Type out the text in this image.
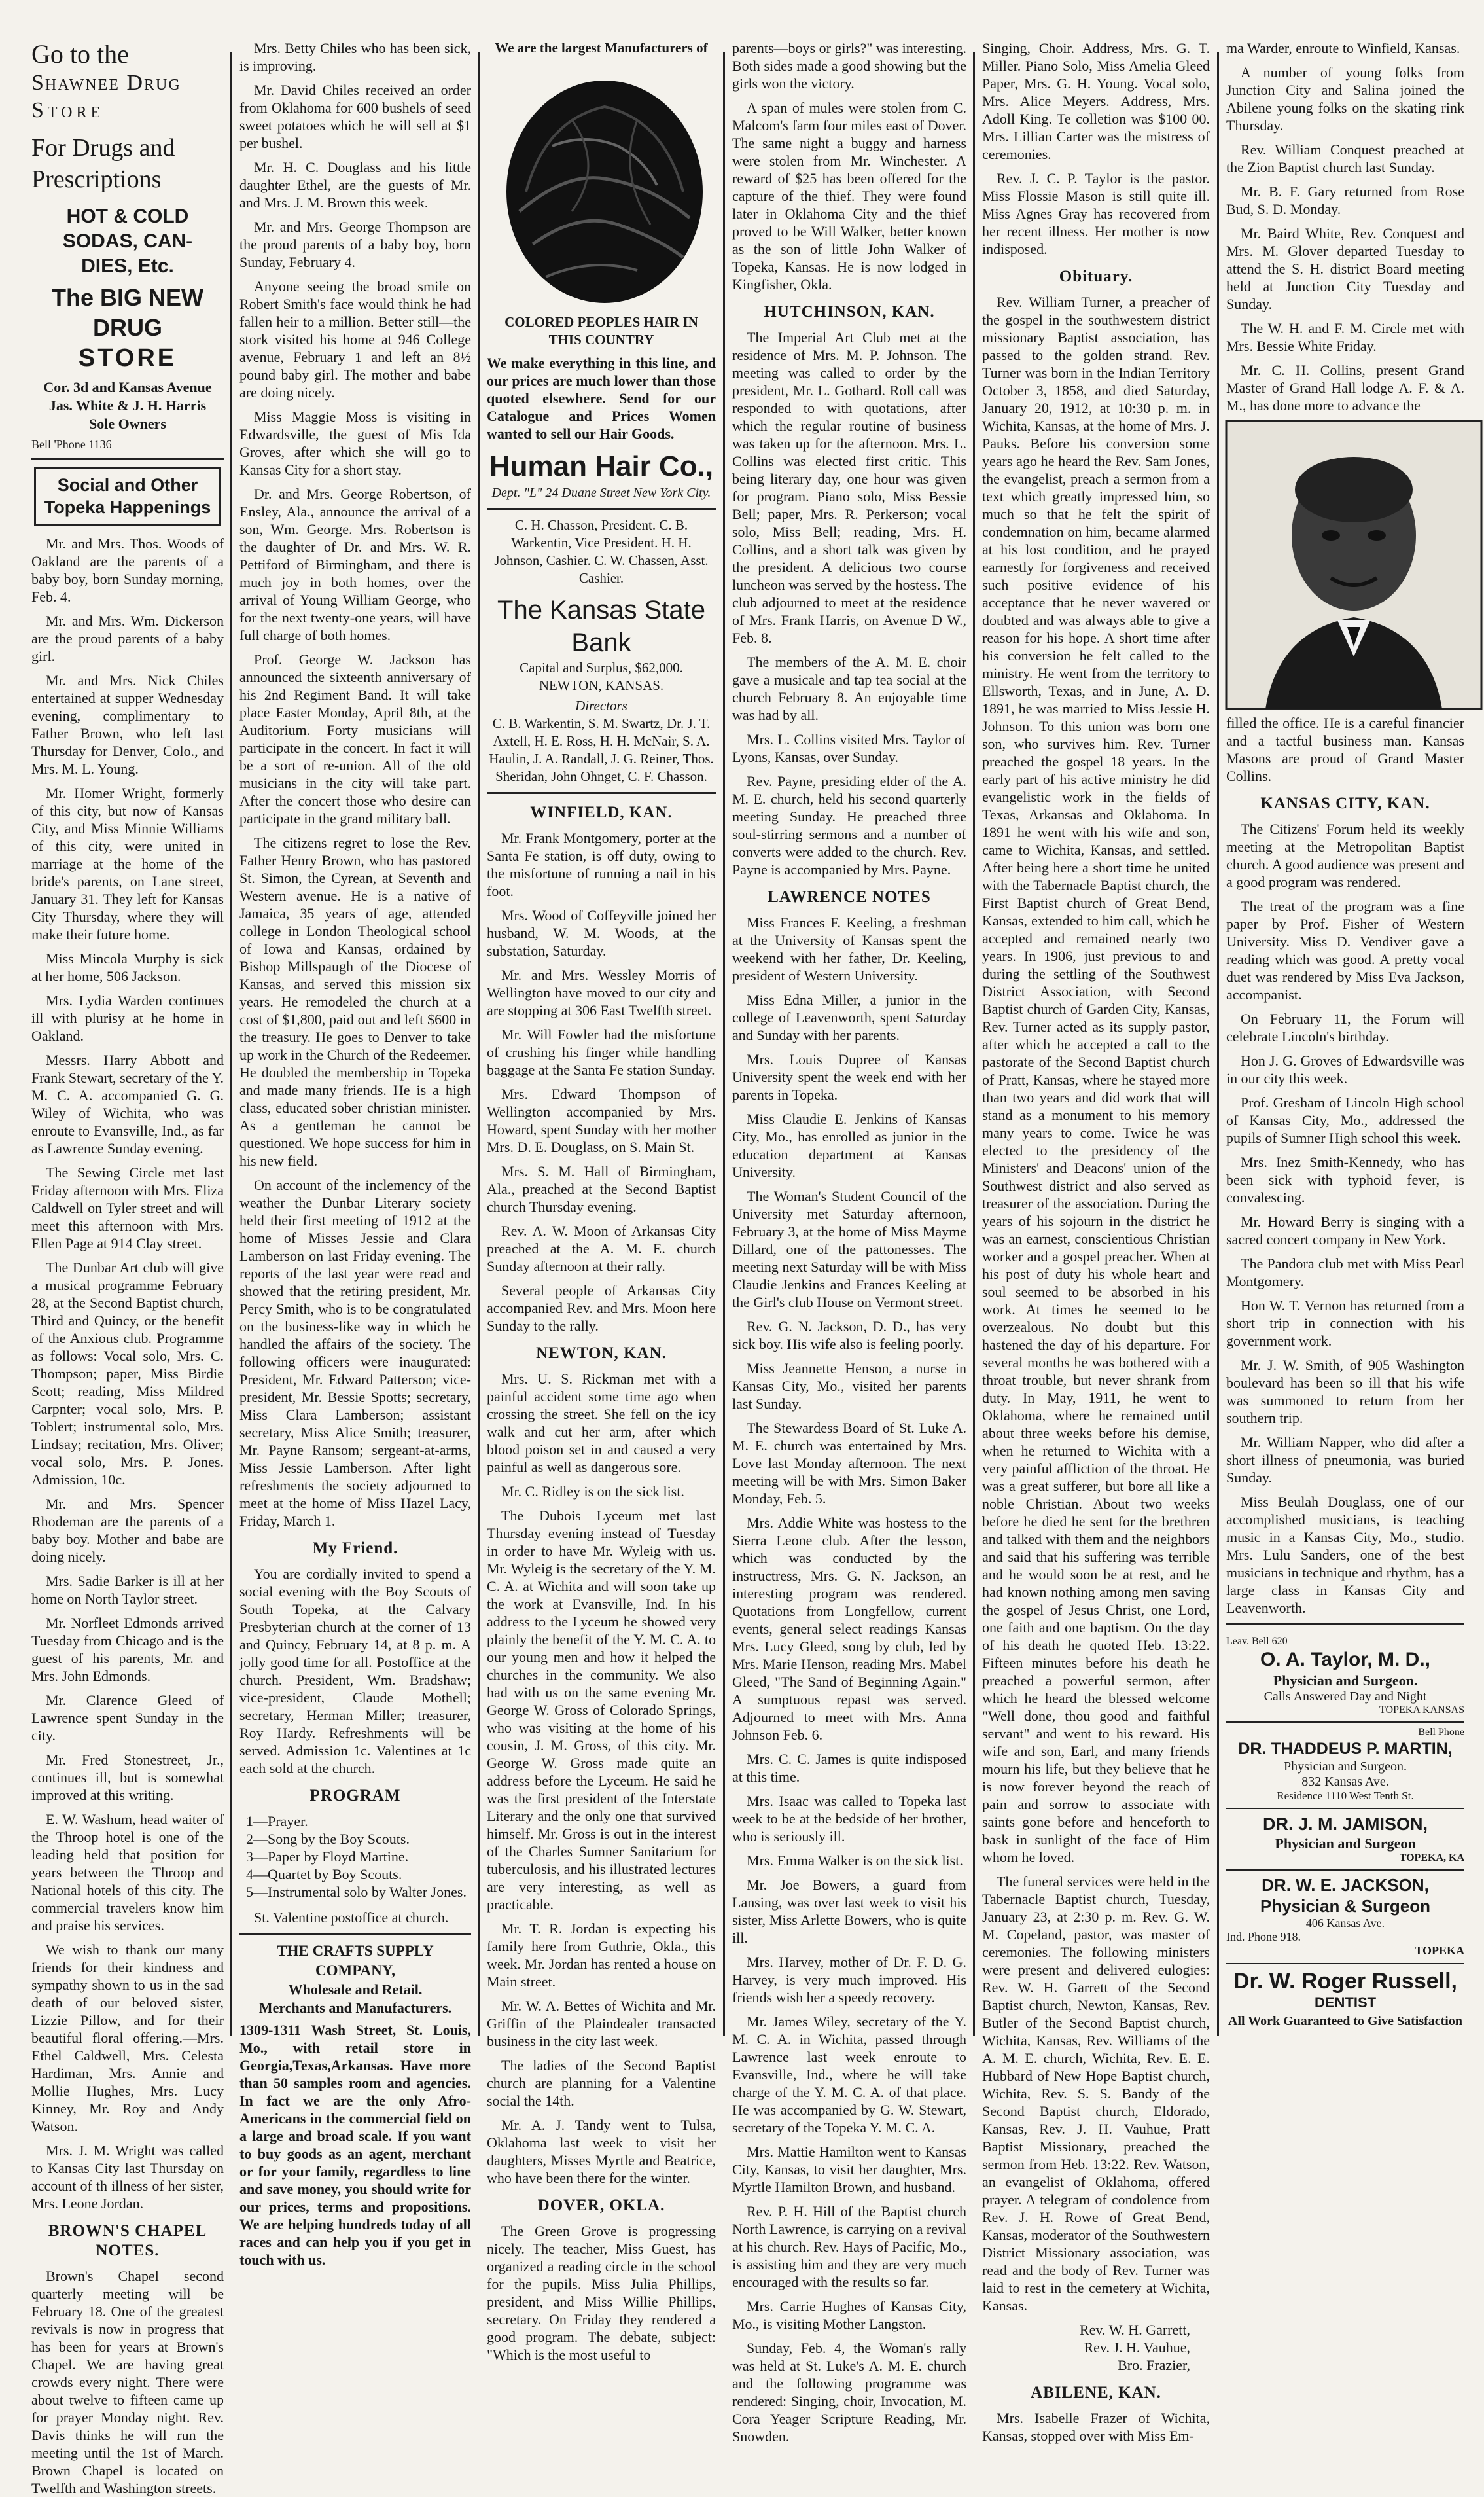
Go to the
Shawnee Drug
Store
For Drugs and
Prescriptions
HOT & COLD
SODAS, CAN-
DIES, Etc.
The BIG NEW DRUG
STORE
Cor. 3d and Kansas Avenue
Jas. White & J. H. Harris
Sole Owners
Bell 'Phone 1136
Social and Other Topeka Happenings

Mr. and Mrs. Thos. Woods of Oakland are the parents of a baby boy, born Sunday morning, Feb. 4.

Mr. and Mrs. Wm. Dickerson are the proud parents of a baby girl.

Mr. and Mrs. Nick Chiles entertained at supper Wednesday evening, complimentary to Father Brown, who left last Thursday for Denver, Colo., and Mrs. M. L. Young.

Mr. Homer Wright, formerly of this city, but now of Kansas City, and Miss Minnie Williams of this city, were united in marriage at the home of the bride's parents, on Lane street, January 31. They left for Kansas City Thursday, where they will make their future home.

Miss Mincola Murphy is sick at her home, 506 Jackson.

Mrs. Lydia Warden continues ill with plurisy at he home in Oakland.

Messrs. Harry Abbott and Frank Stewart, secretary of the Y. M. C. A. accompanied G. G. Wiley of Wichita, who was enroute to Evansville, Ind., as far as Lawrence Sunday evening.

The Sewing Circle met last Friday afternoon with Mrs. Eliza Caldwell on Tyler street and will meet this afternoon with Mrs. Ellen Page at 914 Clay street.

The Dunbar Art club will give a musical programme February 28, at the Second Baptist church, Third and Quincy, or the benefit of the Anxious club. Programme as follows: Vocal solo, Mrs. C. Thompson; paper, Miss Birdie Scott; reading, Miss Mildred Carpnter; vocal solo, Mrs. P. Toblert; instrumental solo, Mrs. Lindsay; recitation, Mrs. Oliver; vocal solo, Mrs. P. Jones. Admission, 10c.

Mr. and Mrs. Spencer Rhodeman are the parents of a baby boy. Mother and babe are doing nicely.

Mrs. Sadie Barker is ill at her home on North Taylor street.

Mr. Norfleet Edmonds arrived Tuesday from Chicago and is the guest of his parents, Mr. and Mrs. John Edmonds.

Mr. Clarence Gleed of Lawrence spent Sunday in the city.

Mr. Fred Stonestreet, Jr., continues ill, but is somewhat improved at this writing.

E. W. Washum, head waiter of the Throop hotel is one of the leading held that position for years between the Throop and National hotels of this city. The commercial travelers know him and praise his services.

We wish to thank our many friends for their kindness and sympathy shown to us in the sad death of our beloved sister, Lizzie Pillow, and for their beautiful floral offering.—Mrs. Ethel Caldwell, Mrs. Celesta Hardiman, Mrs. Annie and Mollie Hughes, Mrs. Lucy Kinney, Mr. Roy and Andy Watson.

Mrs. J. M. Wright was called to Kansas City last Thursday on account of th illness of her sister, Mrs. Leone Jordan.

BROWN'S CHAPEL NOTES.

Brown's Chapel second quarterly meeting will be February 18. One of the greatest revivals is now in progress that has been for years at Brown's Chapel. We are having great crowds every night. There were about twelve to fifteen came up for prayer Monday night. Rev. Davis thinks he will run the meeting until the 1st of March. Brown Chapel is located on Twelfth and Washington streets.

Mrs. Betty Chiles who has been sick, is improving.

Mr. David Chiles received an order from Oklahoma for 600 bushels of seed sweet potatoes which he will sell at $1 per bushel.

Mr. H. C. Douglass and his little daughter Ethel, are the guests of Mr. and Mrs. J. M. Brown this week.

Mr. and Mrs. George Thompson are the proud parents of a baby boy, born Sunday, February 4.

Anyone seeing the broad smile on Robert Smith's face would think he had fallen heir to a million. Better still—the stork visited his home at 946 College avenue, February 1 and left an 8½ pound baby girl. The mother and babe are doing nicely.

Miss Maggie Moss is visiting in Edwardsville, the guest of Mis Ida Groves, after which she will go to Kansas City for a short stay.

Dr. and Mrs. George Robertson, of Ensley, Ala., announce the arrival of a son, Wm. George. Mrs. Robertson is the daughter of Dr. and Mrs. W. R. Pettiford of Birmingham, and there is much joy in both homes, over the arrival of Young William George, who for the next twenty-one years, will have full charge of both homes.

Prof. George W. Jackson has announced the sixteenth anniversary of his 2nd Regiment Band. It will take place Easter Monday, April 8th, at the Auditorium. Forty musicians will participate in the concert. In fact it will be a sort of re-union. All of the old musicians in the city will take part. After the concert those who desire can participate in the grand military ball.

The citizens regret to lose the Rev. Father Henry Brown, who has pastored St. Simon, the Cyrean, at Seventh and Western avenue. He is a native of Jamaica, 35 years of age, attended college in London Theological school of Iowa and Kansas, ordained by Bishop Millspaugh of the Diocese of Kansas, and served this mission six years. He remodeled the church at a cost of $1,800, paid out and left $600 in the treasury. He goes to Denver to take up work in the Church of the Redeemer. He doubled the membership in Topeka and made many friends. He is a high class, educated sober christian minister. As a gentleman he cannot be questioned. We hope success for him in his new field.

On account of the inclemency of the weather the Dunbar Literary society held their first meeting of 1912 at the home of Misses Jessie and Clara Lamberson on last Friday evening. The reports of the last year were read and showed that the retiring president, Mr. Percy Smith, who is to be congratulated on the business-like way in which he handled the affairs of the society. The following officers were inaugurated: President, Mr. Edward Patterson; vice-president, Mr. Bessie Spotts; secretary, Miss Clara Lamberson; assistant secretary, Miss Alice Smith; treasurer, Mr. Payne Ransom; sergeant-at-arms, Miss Jessie Lamberson. After light refreshments the society adjourned to meet at the home of Miss Hazel Lacy, Friday, March 1.

My Friend.

You are cordially invited to spend a social evening with the Boy Scouts of South Topeka, at the Calvary Presbyterian church at the corner of 13 and Quincy, February 14, at 8 p. m. A jolly good time for all. Postoffice at the church. President, Wm. Bradshaw; vice-president, Claude Mothell; secretary, Herman Miller; treasurer, Roy Hardy. Refreshments will be served. Admission 1c. Valentines at 1c each sold at the church.

PROGRAM
1—Prayer.
2—Song by the Boy Scouts.
3—Paper by Floyd Martine.
4—Quartet by Boy Scouts.
5—Instrumental solo by Walter Jones.

St. Valentine postoffice at church.

THE CRAFTS SUPPLY COMPANY,
Wholesale and Retail.
Merchants and Manufacturers.

1309-1311 Wash Street, St. Louis, Mo., with retail store in Georgia,Texas,Arkansas. Have more than 50 samples room and agencies. In fact we are the only Afro-Americans in the commercial field on a large and broad scale. If you want to buy goods as an agent, merchant or for your family, regardless to line and save money, you should write for our prices, terms and propositions. We are helping hundreds today of all races and can help you if you get in touch with us.

We are the largest Manufacturers of
COLORED PEOPLES HAIR IN THIS COUNTRY

We make everything in this line, and our prices are much lower than those quoted elsewhere. Send for our Catalogue and Prices Women wanted to sell our Hair Goods.

Human Hair Co.,
Dept. "L" 24 Duane Street New York City.

C. H. Chasson, President. C. B. Warkentin, Vice President. H. H. Johnson, Cashier. C. W. Chassen, Asst. Cashier.

The Kansas State Bank
Capital and Surplus, $62,000. NEWTON, KANSAS.
Directors

C. B. Warkentin, S. M. Swartz, Dr. J. T. Axtell, H. E. Ross, H. H. McNair, S. A. Haulin, J. A. Randall, J. G. Reiner, Thos. Sheridan, John Ohnget, C. F. Chasson.

WINFIELD, KAN.

Mr. Frank Montgomery, porter at the Santa Fe station, is off duty, owing to the misfortune of running a nail in his foot.

Mrs. Wood of Coffeyville joined her husband, W. M. Woods, at the substation, Saturday.

Mr. and Mrs. Wessley Morris of Wellington have moved to our city and are stopping at 306 East Twelfth street.

Mr. Will Fowler had the misfortune of crushing his finger while handling baggage at the Santa Fe station Sunday.

Mrs. Edward Thompson of Wellington accompanied by Mrs. Howard, spent Sunday with her mother Mrs. D. E. Douglass, on S. Main St.

Mrs. S. M. Hall of Birmingham, Ala., preached at the Second Baptist church Thursday evening.

Rev. A. W. Moon of Arkansas City preached at the A. M. E. church Sunday afternoon at their rally.

Several people of Arkansas City accompanied Rev. and Mrs. Moon here Sunday to the rally.

NEWTON, KAN.

Mrs. U. S. Rickman met with a painful accident some time ago when crossing the street. She fell on the icy walk and cut her arm, after which blood poison set in and caused a very painful as well as dangerous sore.

Mr. C. Ridley is on the sick list.

The Dubois Lyceum met last Thursday evening instead of Tuesday in order to have Mr. Wyleig with us. Mr. Wyleig is the secretary of the Y. M. C. A. at Wichita and will soon take up the work at Evansville, Ind. In his address to the Lyceum he showed very plainly the benefit of the Y. M. C. A. to our young men and how it helped the churches in the community. We also had with us on the same evening Mr. George W. Gross of Colorado Springs, who was visiting at the home of his cousin, J. M. Gross, of this city. Mr. George W. Gross made quite an address before the Lyceum. He said he was the first president of the Interstate Literary and the only one that survived himself. Mr. Gross is out in the interest of the Charles Sumner Sanitarium for tuberculosis, and his illustrated lectures are very interesting, as well as practicable.

Mr. T. R. Jordan is expecting his family here from Guthrie, Okla., this week. Mr. Jordan has rented a house on Main street.

Mr. W. A. Bettes of Wichita and Mr. Griffin of the Plaindealer transacted business in the city last week.

The ladies of the Second Baptist church are planning for a Valentine social the 14th.

Mr. A. J. Tandy went to Tulsa, Oklahoma last week to visit her daughters, Misses Myrtle and Beatrice, who have been there for the winter.

DOVER, OKLA.

The Green Grove is progressing nicely. The teacher, Miss Guest, has organized a reading circle in the school for the pupils. Miss Julia Phillips, president, and Miss Willie Phillips, secretary. On Friday they rendered a good program. The debate, subject: "Which is the most useful to

parents—boys or girls?" was interesting. Both sides made a good showing but the girls won the victory.

A span of mules were stolen from C. Malcom's farm four miles east of Dover. The same night a buggy and harness were stolen from Mr. Winchester. A reward of $25 has been offered for the capture of the thief. They were found later in Oklahoma City and the thief proved to be Will Walker, better known as the son of little John Walker of Topeka, Kansas. He is now lodged in Kingfisher, Okla.

HUTCHINSON, KAN.

The Imperial Art Club met at the residence of Mrs. M. P. Johnson. The meeting was called to order by the president, Mr. L. Gothard. Roll call was responded to with quotations, after which the regular routine of business was taken up for the afternoon. Mrs. L. Collins was elected first critic. This being literary day, one hour was given for program. Piano solo, Miss Bessie Bell; paper, Mrs. R. Perkerson; vocal solo, Miss Bell; reading, Mrs. H. Collins, and a short talk was given by the president. A delicious two course luncheon was served by the hostess. The club adjourned to meet at the residence of Mrs. Frank Harris, on Avenue D W., Feb. 8.

The members of the A. M. E. choir gave a musicale and tap tea social at the church February 8. An enjoyable time was had by all.

Mrs. L. Collins visited Mrs. Taylor of Lyons, Kansas, over Sunday.

Rev. Payne, presiding elder of the A. M. E. church, held his second quarterly meeting Sunday. He preached three soul-stirring sermons and a number of converts were added to the church. Rev. Payne is accompanied by Mrs. Payne.

LAWRENCE NOTES

Miss Frances F. Keeling, a freshman at the University of Kansas spent the weekend with her father, Dr. Keeling, president of Western University.

Miss Edna Miller, a junior in the college of Leavenworth, spent Saturday and Sunday with her parents.

Mrs. Louis Dupree of Kansas University spent the week end with her parents in Topeka.

Miss Claudie E. Jenkins of Kansas City, Mo., has enrolled as junior in the education department at Kansas University.

The Woman's Student Council of the University met Saturday afternoon, February 3, at the home of Miss Mayme Dillard, one of the pattonesses. The meeting next Saturday will be with Miss Claudie Jenkins and Frances Keeling at the Girl's club House on Vermont street.

Rev. G. N. Jackson, D. D., has very sick boy. His wife also is feeling poorly.

Miss Jeannette Henson, a nurse in Kansas City, Mo., visited her parents last Sunday.

The Stewardess Board of St. Luke A. M. E. church was entertained by Mrs. Love last Monday afternoon. The next meeting will be with Mrs. Simon Baker Monday, Feb. 5.

Mrs. Addie White was hostess to the Sierra Leone club. After the lesson, which was conducted by the instructress, Mrs. G. N. Jackson, an interesting program was rendered. Quotations from Longfellow, current events, general select readings Kansas Mrs. Lucy Gleed, song by club, led by Mrs. Marie Henson, reading Mrs. Mabel Gleed, "The Sand of Beginning Again." A sumptuous repast was served. Adjourned to meet with Mrs. Anna Johnson Feb. 6.

Mrs. C. C. James is quite indisposed at this time.

Mrs. Isaac was called to Topeka last week to be at the bedside of her brother, who is seriously ill.

Mrs. Emma Walker is on the sick list.

Mr. Joe Bowers, a guard from Lansing, was over last week to visit his sister, Miss Arlette Bowers, who is quite ill.

Mrs. Harvey, mother of Dr. F. D. G. Harvey, is very much improved. His friends wish her a speedy recovery.

Mr. James Wiley, secretary of the Y. M. C. A. in Wichita, passed through Lawrence last week enroute to Evansville, Ind., where he will take charge of the Y. M. C. A. of that place. He was accompanied by G. W. Stewart, secretary of the Topeka Y. M. C. A.

Mrs. Mattie Hamilton went to Kansas City, Kansas, to visit her daughter, Mrs. Myrtle Hamilton Brown, and husband.

Rev. P. H. Hill of the Baptist church North Lawrence, is carrying on a revival at his church. Rev. Hays of Pacific, Mo., is assisting him and they are very much encouraged with the results so far.

Mrs. Carrie Hughes of Kansas City, Mo., is visiting Mother Langston.

Sunday, Feb. 4, the Woman's rally was held at St. Luke's A. M. E. church and the following programme was rendered: Singing, choir, Invocation, M. Cora Yeager Scripture Reading, Mr. Snowden.

Singing, Choir. Address, Mrs. G. T. Miller. Piano Solo, Miss Amelia Gleed Paper, Mrs. G. H. Young. Vocal solo, Mrs. Alice Meyers. Address, Mrs. Adoll King. Te colletion was $100 00. Mrs. Lillian Carter was the mistress of ceremonies.

Rev. J. C. P. Taylor is the pastor. Miss Flossie Mason is still quite ill. Miss Agnes Gray has recovered from her recent illness. Her mother is now indisposed.

Obituary.

Rev. William Turner, a preacher of the gospel in the southwestern district missionary Baptist association, has passed to the golden strand. Rev. Turner was born in the Indian Territory October 3, 1858, and died Saturday, January 20, 1912, at 10:30 p. m. in Wichita, Kansas, at the home of Mrs. J. Pauks. Before his conversion some years ago he heard the Rev. Sam Jones, the evangelist, preach a sermon from a text which greatly impressed him, so much so that he felt the spirit of condemnation on him, became alarmed at his lost condition, and he prayed earnestly for forgiveness and received such positive evidence of his acceptance that he never wavered or doubted and was always able to give a reason for his hope. A short time after his conversion he felt called to the ministry. He went from the territory to Ellsworth, Texas, and in June, A. D. 1891, he was married to Miss Jessie H. Johnson. To this union was born one son, who survives him. Rev. Turner preached the gospel 18 years. In the early part of his active ministry he did evangelistic work in the fields of Texas, Arkansas and Oklahoma. In 1891 he went with his wife and son, came to Wichita, Kansas, and settled. After being here a short time he united with the Tabernacle Baptist church, the First Baptist church of Great Bend, Kansas, extended to him call, which he accepted and remained nearly two years. In 1906, just previous to and during the settling of the Southwest District Association, with Second Baptist church of Garden City, Kansas, Rev. Turner acted as its supply pastor, after which he accepted a call to the pastorate of the Second Baptist church of Pratt, Kansas, where he stayed more than two years and did work that will stand as a monument to his memory many years to come. Twice he was elected to the presidency of the Ministers' and Deacons' union of the Southwest district and also served as treasurer of the association. During the years of his sojourn in the district he was an earnest, conscientious Christian worker and a gospel preacher. When at his post of duty his whole heart and soul seemed to be absorbed in his work. At times he seemed to be overzealous. No doubt but this hastened the day of his departure. For several months he was bothered with a throat trouble, but never shrank from duty. In May, 1911, he went to Oklahoma, where he remained until about three weeks before his demise, when he returned to Wichita with a very painful affliction of the throat. He was a great sufferer, but bore all like a noble Christian. About two weeks before he died he sent for the brethren and talked with them and the neighbors and said that his suffering was terrible and he would soon be at rest, and he had known nothing among men saving the gospel of Jesus Christ, one Lord, one faith and one baptism. On the day of his death he quoted Heb. 13:22. Fifteen minutes before his death he preached a powerful sermon, after which he heard the blessed welcome "Well done, thou good and faithful servant" and went to his reward. His wife and son, Earl, and many friends mourn his life, but they believe that he is now forever beyond the reach of pain and sorrow to associate with saints gone before and henceforth to bask in sunlight of the face of Him whom he loved.

The funeral services were held in the Tabernacle Baptist church, Tuesday, January 23, at 2:30 p. m. Rev. G. W. M. Copeland, pastor, was master of ceremonies. The following ministers were present and delivered eulogies: Rev. W. H. Garrett of the Second Baptist church, Newton, Kansas, Rev. Butler of the Second Baptist church, Wichita, Kansas, Rev. Williams of the A. M. E. church, Wichita, Rev. E. E. Hubbard of New Hope Baptist church, Wichita, Rev. S. S. Bandy of the Second Baptist church, Eldorado, Kansas, Rev. J. H. Vauhue, Pratt Baptist Missionary, preached the sermon from Heb. 13:22. Rev. Watson, an evangelist of Oklahoma, offered prayer. A telegram of condolence from Rev. J. H. Rowe of Great Bend, Kansas, moderator of the Southwestern District Missionary association, was read and the body of Rev. Turner was laid to rest in the cemetery at Wichita, Kansas.

Rev. W. H. Garrett,

Rev. J. H. Vauhue,

Bro. Frazier,

ABILENE, KAN.

Mrs. Isabelle Frazer of Wichita, Kansas, stopped over with Miss Em-

ma Warder, enroute to Winfield, Kansas.

A number of young folks from Junction City and Salina joined the Abilene young folks on the skating rink Thursday.

Rev. William Conquest preached at the Zion Baptist church last Sunday.

Mr. B. F. Gary returned from Rose Bud, S. D. Monday.

Mr. Baird White, Rev. Conquest and Mrs. M. Glover departed Tuesday to attend the S. H. district Board meeting held at Junction City Tuesday and Sunday.

The W. H. and F. M. Circle met with Mrs. Bessie White Friday.

Mr. C. H. Collins, present Grand Master of Grand Hall lodge A. F. & A. M., has done more to advance the

filled the office. He is a careful financier and a tactful business man. Kansas Masons are proud of Grand Master Collins.

KANSAS CITY, KAN.

The Citizens' Forum held its weekly meeting at the Metropolitan Baptist church. A good audience was present and a good program was rendered.

The treat of the program was a fine paper by Prof. Fisher of Western University. Miss D. Vendiver gave a reading which was good. A pretty vocal duet was rendered by Miss Eva Jackson, accompanist.

On February 11, the Forum will celebrate Lincoln's birthday.

Hon J. G. Groves of Edwardsville was in our city this week.

Prof. Gresham of Lincoln High school of Kansas City, Mo., addressed the pupils of Sumner High school this week.

Mrs. Inez Smith-Kennedy, who has been sick with typhoid fever, is convalescing.

Mr. Howard Berry is singing with a sacred concert company in New York.

The Pandora club met with Miss Pearl Montgomery.

Hon W. T. Vernon has returned from a short trip in connection with his government work.

Mr. J. W. Smith, of 905 Washington boulevard has been so ill that his wife was summoned to return from her southern trip.

Mr. William Napper, who did after a short illness of pneumonia, was buried Sunday.

Miss Beulah Douglass, one of our accomplished musicians, is teaching music in a Kansas City, Mo., studio. Mrs. Lulu Sanders, one of the best musicians in technique and rhythm, has a large class in Kansas City and Leavenworth.

Leav. Bell 620
O. A. Taylor, M. D.,
Physician and Surgeon.
Calls Answered Day and Night
TOPEKA KANSAS
Bell Phone
DR. THADDEUS P. MARTIN,
Physician and Surgeon.
832 Kansas Ave.
Residence 1110 West Tenth St.
DR. J. M. JAMISON,
Physician and Surgeon
TOPEKA, KA
DR. W. E. JACKSON,
Physician & Surgeon
406 Kansas Ave.
Ind. Phone 918.
TOPEKA
Dr. W. Roger Russell,
DENTIST
All Work Guaranteed to Give Satisfaction
